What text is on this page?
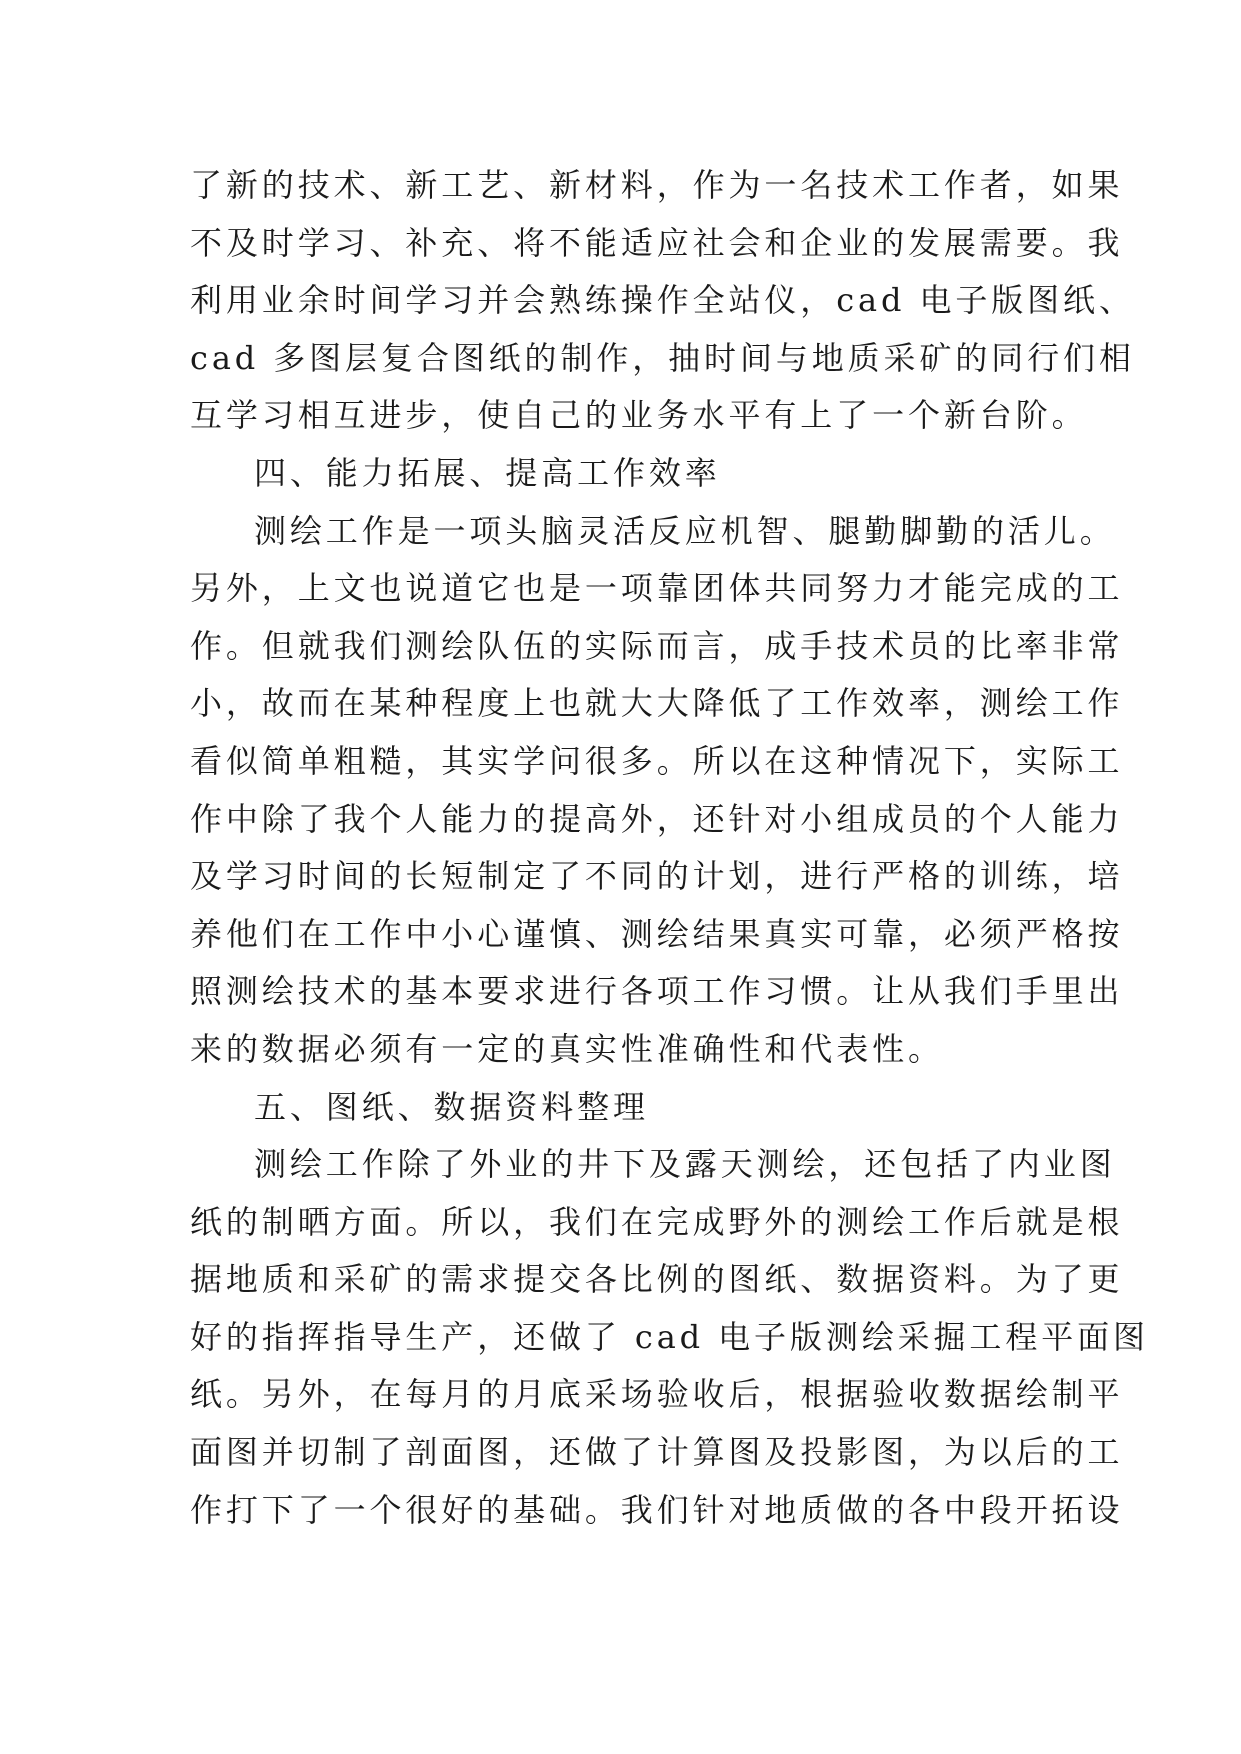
了新的技术、新工艺、新材料，作为一名技术工作者，如果
不及时学习、补充、将不能适应社会和企业的发展需要。我
利用业余时间学习并会熟练操作全站仪，cad 电子版图纸、
cad 多图层复合图纸的制作，抽时间与地质采矿的同行们相
互学习相互进步，使自己的业务水平有上了一个新台阶。
四、能力拓展、提高工作效率
测绘工作是一项头脑灵活反应机智、腿勤脚勤的活儿。
另外，上文也说道它也是一项靠团体共同努力才能完成的工
作。但就我们测绘队伍的实际而言，成手技术员的比率非常
小，故而在某种程度上也就大大降低了工作效率，测绘工作
看似简单粗糙，其实学问很多。所以在这种情况下，实际工
作中除了我个人能力的提高外，还针对小组成员的个人能力
及学习时间的长短制定了不同的计划，进行严格的训练，培
养他们在工作中小心谨慎、测绘结果真实可靠，必须严格按
照测绘技术的基本要求进行各项工作习惯。让从我们手里出
来的数据必须有一定的真实性准确性和代表性。
五、图纸、数据资料整理
测绘工作除了外业的井下及露天测绘，还包括了内业图
纸的制晒方面。所以，我们在完成野外的测绘工作后就是根
据地质和采矿的需求提交各比例的图纸、数据资料。为了更
好的指挥指导生产，还做了 cad 电子版测绘采掘工程平面图
纸。另外，在每月的月底采场验收后，根据验收数据绘制平
面图并切制了剖面图，还做了计算图及投影图，为以后的工
作打下了一个很好的基础。我们针对地质做的各中段开拓设
